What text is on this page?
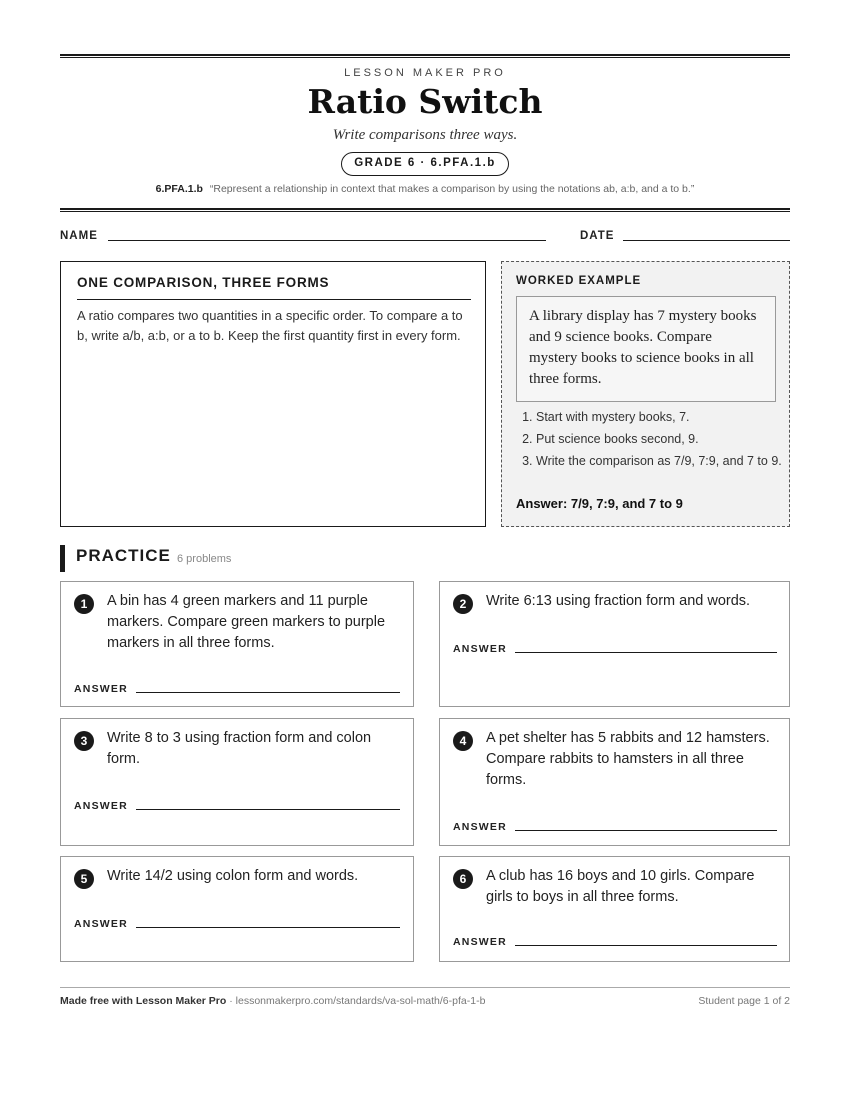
LESSON MAKER PRO
Ratio Switch
Write comparisons three ways.
GRADE 6 · 6.PFA.1.b
6.PFA.1.b “Represent a relationship in context that makes a comparison by using the notations ab, a:b, and a to b.”
NAME	DATE
ONE COMPARISON, THREE FORMS
A ratio compares two quantities in a specific order. To compare a to b, write a/b, a:b, or a to b. Keep the first quantity first in every form.
WORKED EXAMPLE
A library display has 7 mystery books and 9 science books. Compare mystery books to science books in all three forms.
1. Start with mystery books, 7.
2. Put science books second, 9.
3. Write the comparison as 7/9, 7:9, and 7 to 9.
Answer: 7/9, 7:9, and 7 to 9
PRACTICE 6 problems
1	A bin has 4 green markers and 11 purple markers. Compare green markers to purple markers in all three forms.
ANSWER
2	Write 6:13 using fraction form and words.
ANSWER
3	Write 8 to 3 using fraction form and colon form.
ANSWER
4	A pet shelter has 5 rabbits and 12 hamsters. Compare rabbits to hamsters in all three forms.
ANSWER
5	Write 14/2 using colon form and words.
ANSWER
6	A club has 16 boys and 10 girls. Compare girls to boys in all three forms.
ANSWER
Made free with Lesson Maker Pro · lessonmakerpro.com/standards/va-sol-math/6-pfa-1-b	Student page 1 of 2
